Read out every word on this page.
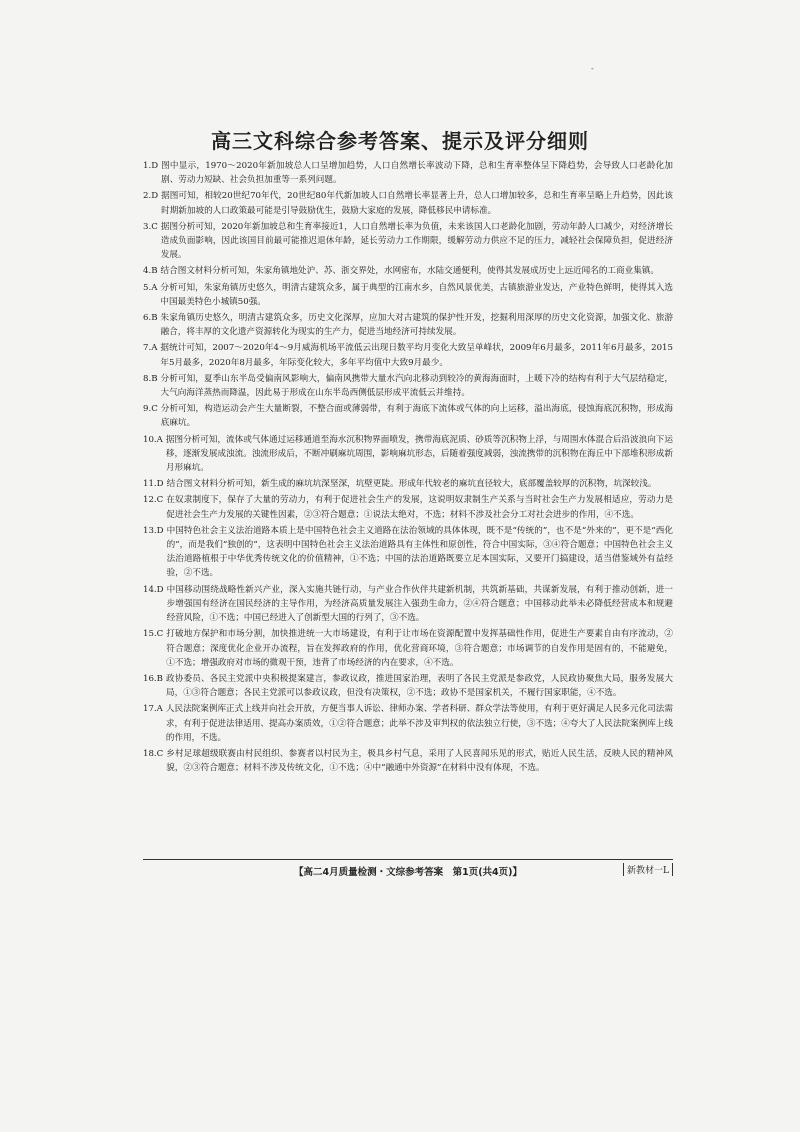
-
高三文科综合参考答案、提示及评分细则
1. D 图中显示，1970～2020年新加坡总人口呈增加趋势，人口自然增长率波动下降，总和生育率整体呈下降趋势，会导致人口老龄化加剧、劳动力短缺、社会负担加重等一系列问题。
2. D 据图可知，相较20世纪70年代，20世纪80年代新加坡人口自然增长率显著上升，总人口增加较多，总和生育率呈略上升趋势，因此该时期新加坡的人口政策最可能是引导鼓励优生，鼓励大家庭的发展，降低移民申请标准。
3. C 据图分析可知，2020年新加坡总和生育率接近1，人口自然增长率为负值，未来该国人口老龄化加剧，劳动年龄人口减少，对经济增长造成负面影响，因此该国目前最可能推迟退休年龄，延长劳动力工作期限，缓解劳动力供应不足的压力，减轻社会保障负担，促进经济发展。
4. B 结合图文材料分析可知，朱家角镇地处沪、苏、浙交界处，水网密布，水陆交通便利，使得其发展成历史上远近闻名的工商业集镇。
5. A 分析可知，朱家角镇历史悠久，明清古建筑众多，属于典型的江南水乡，自然风景优美，古镇旅游业发达，产业特色鲜明，使得其入选中国最美特色小城镇50强。
6. B 朱家角镇历史悠久，明清古建筑众多，历史文化深厚，应加大对古建筑的保护性开发，挖掘利用深厚的历史文化资源，加强文化、旅游融合，将丰厚的文化遗产资源转化为现实的生产力，促进当地经济可持续发展。
7. A 据统计可知，2007～2020年4～9月威海机场平流低云出现日数平均月变化大致呈单峰状，2009年6月最多，2011年6月最多，2015年5月最多，2020年8月最多，年际变化较大，多年平均值中大致9月最少。
8. B 分析可知，夏季山东半岛受偏南风影响大，偏南风携带大量水汽向北移动到较冷的黄海海面时，上暖下冷的结构有利于大气层结稳定，大气向海洋蒸热而降温，因此易于形成在山东半岛西侧低层形成平流低云并维持。
9. C 分析可知，构造运动会产生大量断裂，不整合面或薄弱带，有利于海底下流体或气体的向上运移，溢出海底，侵蚀海底沉积物，形成海底麻坑。
10. A 据图分析可知，流体或气体通过运移通道至海水沉积物界面喷发，携带海底泥质、砂质等沉积物上浮，与周围水体混合后沿波浪向下运移，逐渐发展成浊流。浊流形成后，不断冲刷麻坑周围，影响麻坑形态，后随着强度减弱，浊流携带的沉积物在海丘中下部堆积形成新月形麻坑。
11. D 结合图文材料分析可知，新生成的麻坑坑深坚深，坑壁更陡。形成年代较老的麻坑直径较大，底部覆盖较厚的沉积物，坑深较浅。
12. C 在奴隶制度下，保存了大量的劳动力，有利于促进社会生产的发展，这说明奴隶制生产关系与当时社会生产力发展相适应，劳动力是促进社会生产力发展的关键性因素，②③符合题意；①说法太绝对，不选；材料不涉及社会分工对社会进步的作用，④不选。
13. D 中国特色社会主义法治道路本质上是中国特色社会主义道路在法治领域的具体体现，既不是“传统的”，也不是“外来的”，更不是“西化的”，而是我们“独创的”，这表明中国特色社会主义法治道路具有主体性和原创性，符合中国实际，③④符合题意；中国特色社会主义法治道路植根于中华优秀传统文化的价值精神，①不选；中国的法治道路既要立足本国实际，又要开门搞建设，适当借鉴域外有益经验，②不选。
14. D 中国移动围绕战略性新兴产业，深入实施共链行动，与产业合作伙伴共建新机制，共筑新基础，共谋新发展，有利于推动创新，进一步增强国有经济在国民经济的主导作用，为经济高质量发展注入强劲生命力，②④符合题意；中国移动此举未必降低经营成本和规避经营风险，①不选；中国已经进入了创新型大国的行列了，③不选。
15. C 打破地方保护和市场分割，加快推进统一大市场建设，有利于让市场在资源配置中发挥基础性作用，促进生产要素自由有序流动，②符合题意；深度优化企业开办流程，旨在发挥政府的作用，优化营商环境，③符合题意；市场调节的自发作用是固有的，不能避免，①不选；增强政府对市场的微观干预，违背了市场经济的内在要求，④不选。
16. B 政协委员、各民主党派中央积极提案建言，参政议政，推进国家治理，表明了各民主党派是参政党，人民政协聚焦大局，服务发展大局，①③符合题意；各民主党派可以参政议政，但没有决策权，②不选；政协不是国家机关，不履行国家职能，④不选。
17. A 人民法院案例库正式上线并向社会开放，方便当事人诉讼、律师办案、学者科研、群众学法等使用，有利于更好满足人民多元化司法需求，有利于促进法律适用、提高办案质效，①②符合题意；此举不涉及审判权的依法独立行使，③不选；④夸大了人民法院案例库上线的作用，不选。
18. C 乡村足球超级联赛由村民组织、参赛者以村民为主，极具乡村气息，采用了人民喜闻乐见的形式，贴近人民生活，反映人民的精神风貌，②③符合题意；材料不涉及传统文化，①不选；④中“融通中外资源”在材料中没有体现，不选。
【高二4月质量检测・文综参考答案　第1页(共4页)】	新教材一L
